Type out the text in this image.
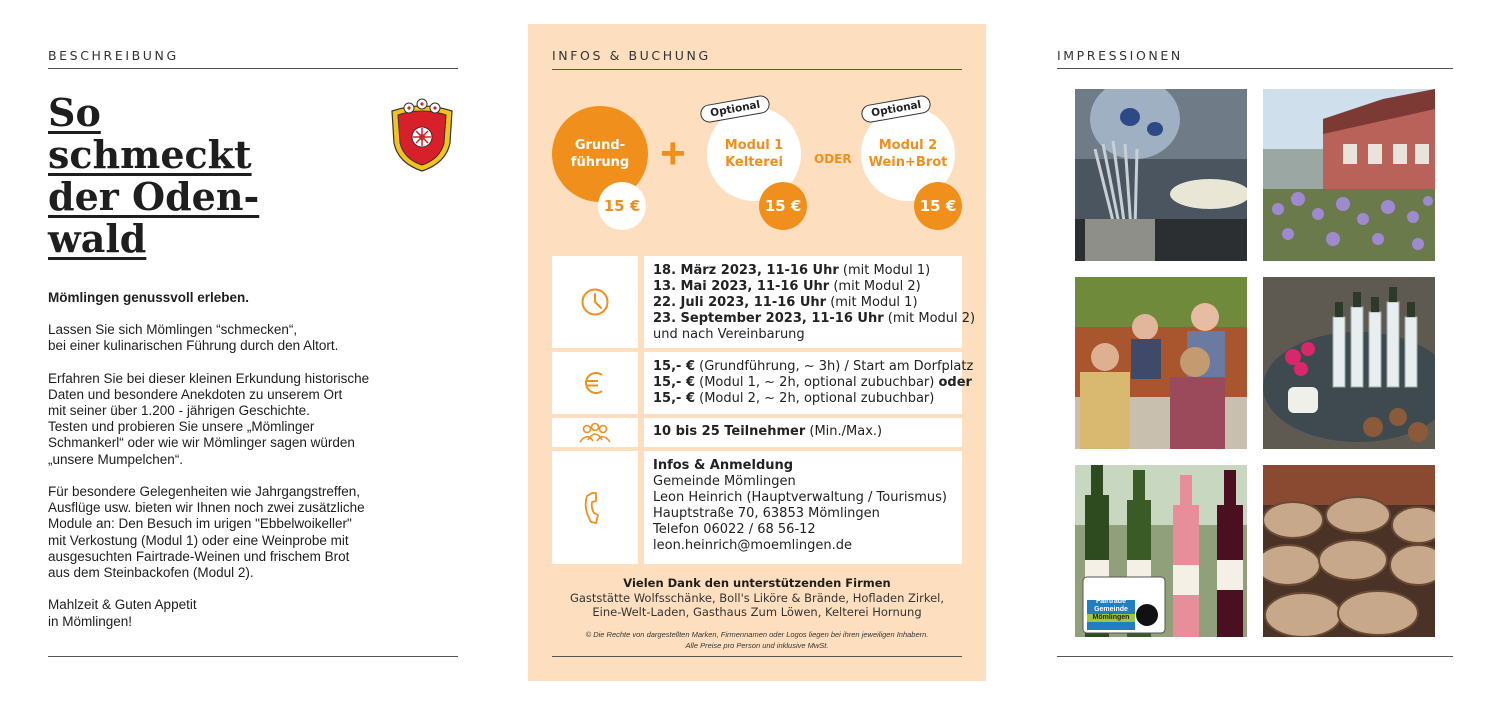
BESCHREIBUNG
So
schmeckt
der Oden-
wald

Mömlingen genussvoll erleben.

Lassen Sie sich Mömlingen “schmecken“,
bei einer kulinarischen Führung durch den Altort.

Erfahren Sie bei dieser kleinen Erkundung historische
Daten und besondere Anekdoten zu unserem Ort
mit seiner über 1.200 - jährigen Geschichte.
Testen und probieren Sie unsere „Mömlinger
Schmankerl“ oder wie wir Mömlinger sagen würden
„unsere Mumpelchen“.

Für besondere Gelegenheiten wie Jahrgangstreffen,
Ausflüge usw. bieten wir Ihnen noch zwei zusätzliche
Module an: Den Besuch im urigen "Ebbelwoikeller"
mit Verkostung (Modul 1) oder eine Weinprobe mit
ausgesuchten Fairtrade-Weinen und frischem Brot
aus dem Steinbackofen (Modul 2).

Mahlzeit & Guten Appetit
in Mömlingen!

INFOS & BUCHUNG
Grund-
führung
15 €
+	Modul 1
Kelterei
Optional
15 €
ODER
Modul 2
Wein+Brot
Optional
15 €
18. März 2023, 11-16 Uhr (mit Modul 1)
13. Mai 2023, 11-16 Uhr (mit Modul 2)
22. Juli 2023, 11-16 Uhr (mit Modul 1)
23. September 2023, 11-16 Uhr (mit Modul 2)
und nach Vereinbarung
15,- € (Grundführung, ~ 3h) / Start am Dorfplatz
15,- € (Modul 1, ~ 2h, optional zubuchbar) oder
15,- € (Modul 2, ~ 2h, optional zubuchbar)
10 bis 25 Teilnehmer (Min./Max.)
Infos & Anmeldung
Gemeinde Mömlingen
Leon Heinrich (Hauptverwaltung / Tourismus)
Hauptstraße 70, 63853 Mömlingen
Telefon 06022 / 68 56-12
leon.heinrich@moemlingen.de
Vielen Dank den unterstützenden Firmen
Gaststätte Wolfsschänke, Boll's Liköre & Brände, Hofladen Zirkel,
Eine-Welt-Laden, Gasthaus Zum Löwen, Kelterei Hornung
© Die Rechte von dargestellten Marken, Firmennamen oder Logos liegen bei ihren jeweiligen Inhabern.
Alle Preise pro Person und inklusive MwSt.
IMPRESSIONEN
Fairtrade
Gemeinde
Mömlingen
FAIRTRADE
